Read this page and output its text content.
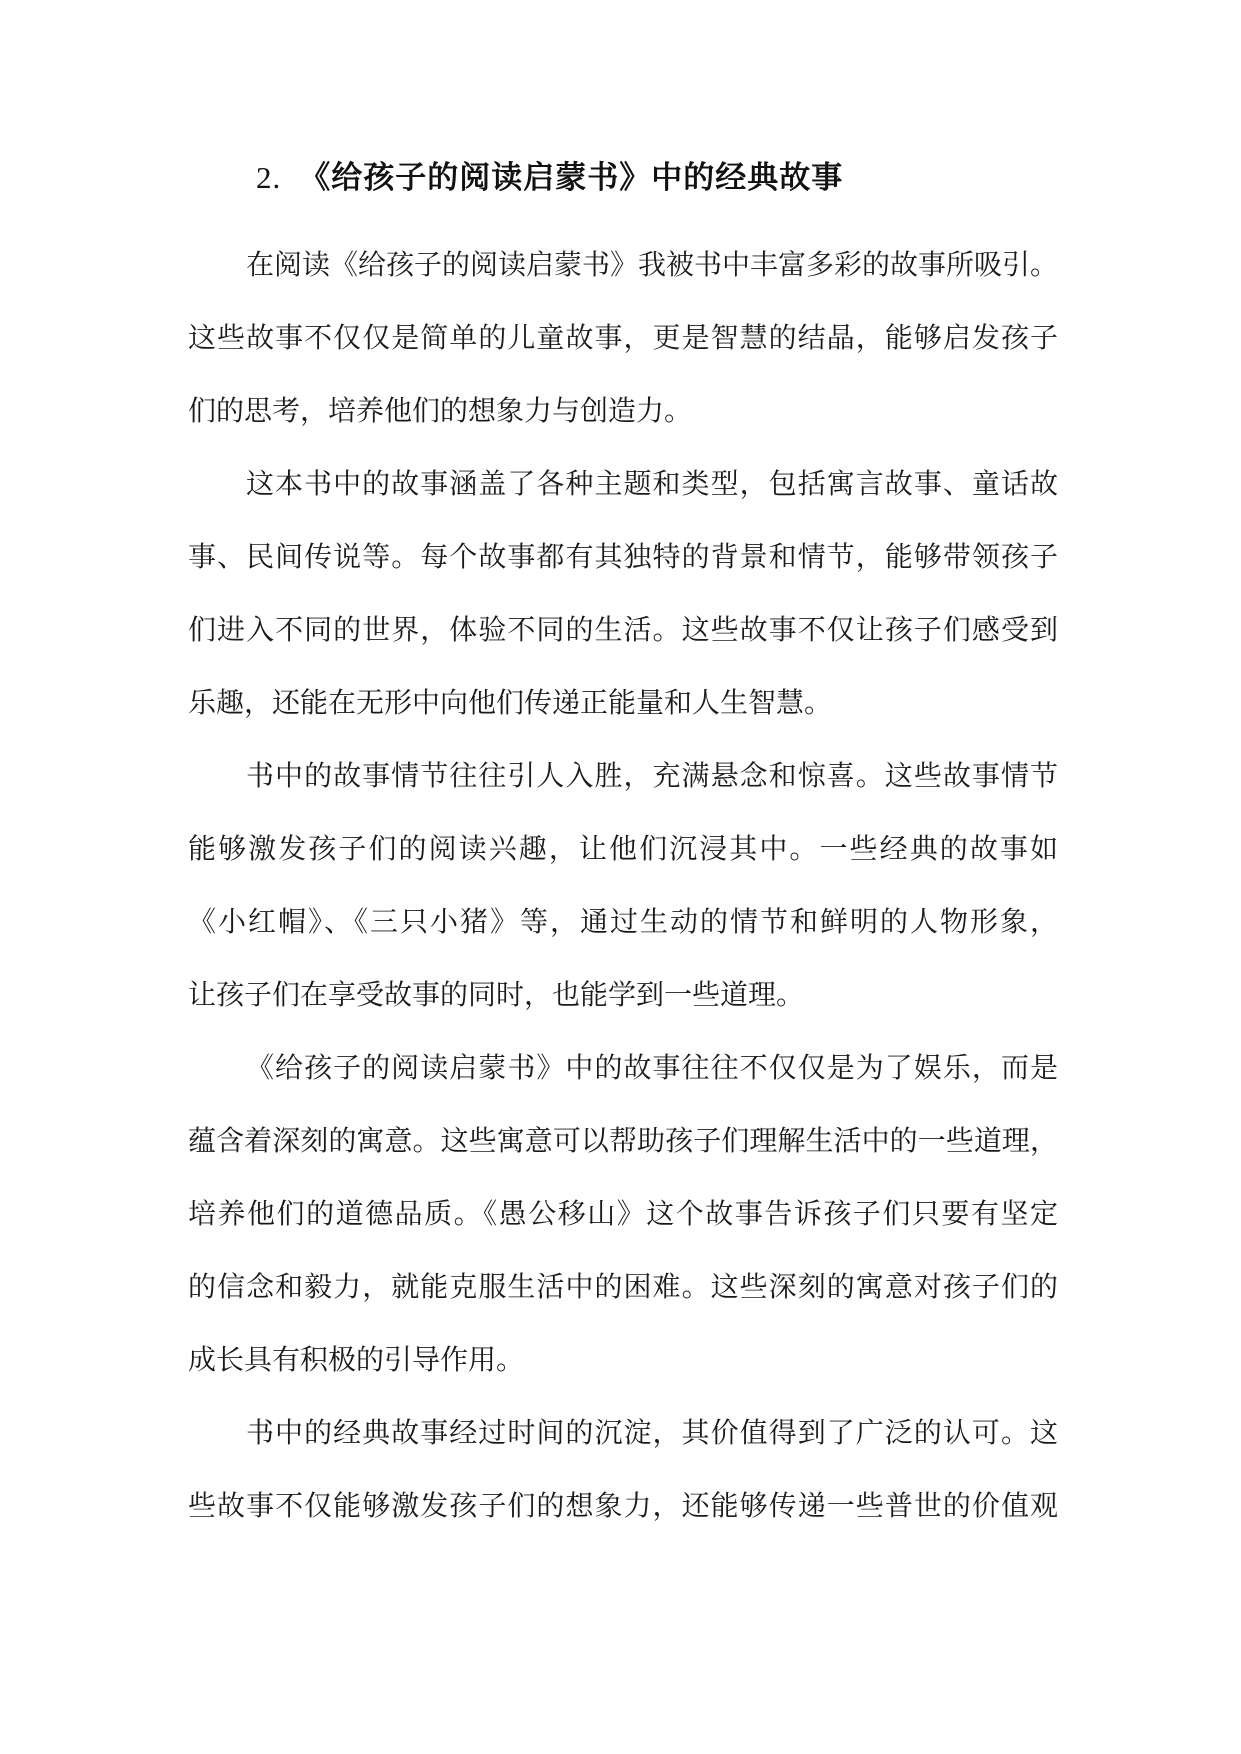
2. 《给孩子的阅读启蒙书》中的经典故事
在阅读《给孩子的阅读启蒙书》我被书中丰富多彩的故事所吸引。
这些故事不仅仅是简单的儿童故事，更是智慧的结晶，能够启发孩子
们的思考，培养他们的想象力与创造力。
这本书中的故事涵盖了各种主题和类型，包括寓言故事、童话故
事、民间传说等。每个故事都有其独特的背景和情节，能够带领孩子
们进入不同的世界，体验不同的生活。这些故事不仅让孩子们感受到
乐趣，还能在无形中向他们传递正能量和人生智慧。
书中的故事情节往往引人入胜，充满悬念和惊喜。这些故事情节
能够激发孩子们的阅读兴趣，让他们沉浸其中。一些经典的故事如
《小红帽》、《三只小猪》等，通过生动的情节和鲜明的人物形象，
让孩子们在享受故事的同时，也能学到一些道理。
《给孩子的阅读启蒙书》中的故事往往不仅仅是为了娱乐，而是
蕴含着深刻的寓意。这些寓意可以帮助孩子们理解生活中的一些道理，
培养他们的道德品质。《愚公移山》这个故事告诉孩子们只要有坚定
的信念和毅力，就能克服生活中的困难。这些深刻的寓意对孩子们的
成长具有积极的引导作用。
书中的经典故事经过时间的沉淀，其价值得到了广泛的认可。这
些故事不仅能够激发孩子们的想象力，还能够传递一些普世的价值观
